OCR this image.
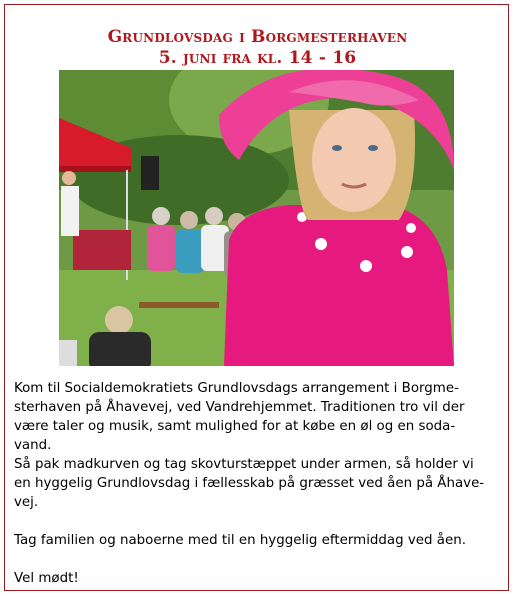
Grundlovsdag i Borgmesterhaven
5. juni fra kl. 14 - 16

Kom til Socialdemokratiets Grundlovsdags arrangement i Borgme-

sterhaven på Åhavevej, ved Vandrehjemmet. Traditionen tro vil der

være taler og musik, samt mulighed for at købe en øl og en soda-

vand.

Så pak madkurven og tag skovturstæppet under armen, så holder vi

en hyggelig Grundlovsdag i fællesskab på græsset ved åen på Åhave-

vej.

Tag familien og naboerne med til en hyggelig eftermiddag ved åen.

Vel mødt!
